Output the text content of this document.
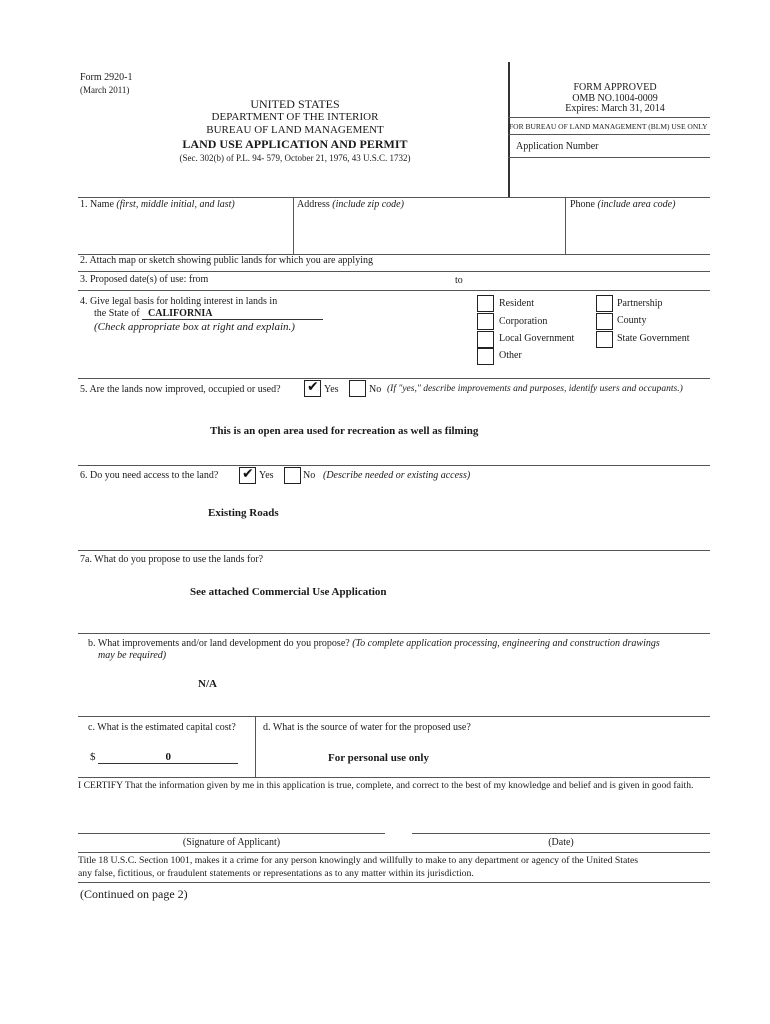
Form 2920-1
(March 2011)
UNITED STATES
DEPARTMENT OF THE INTERIOR
BUREAU OF LAND MANAGEMENT
LAND USE APPLICATION AND PERMIT
(Sec. 302(b) of P.L. 94- 579, October 21, 1976, 43 U.S.C. 1732)
FORM APPROVED
OMB NO.1004-0009
Expires: March 31, 2014
FOR BUREAU OF LAND MANAGEMENT (BLM) USE ONLY
Application Number
1. Name (first, middle initial, and last)	Address (include zip code)	Phone (include area code)
2. Attach map or sketch showing public lands for which you are applying
3. Proposed date(s) of use: from	to
4. Give legal basis for holding interest in lands in
the State of CALIFORNIA
(Check appropriate box at right and explain.)
Resident
Corporation
Local Government
Other
Partnership
County
State Government
5. Are the lands now improved, occupied or used? ✔	Yes	No (If "yes," describe improvements and purposes, identify users and occupants.)
This is an open area used for recreation as well as filming
6. Do you need access to the land? ✔	Yes	No (Describe needed or existing access)
Existing Roads
7a. What do you propose to use the lands for?
See attached Commercial Use Application
b. What improvements and/or land development do you propose? (To complete application processing, engineering and construction drawings
may be required)
N/A
c. What is the estimated capital cost?	d. What is the source of water for the proposed use?
$	0	For personal use only
I CERTIFY That the information given by me in this application is true, complete, and correct to the best of my knowledge and belief and is given in good faith.
(Signature of Applicant)	(Date)
Title 18 U.S.C. Section 1001, makes it a crime for any person knowingly and willfully to make to any department or agency of the United States
any false, fictitious, or fraudulent statements or representations as to any matter within its jurisdiction.
(Continued on page 2)
